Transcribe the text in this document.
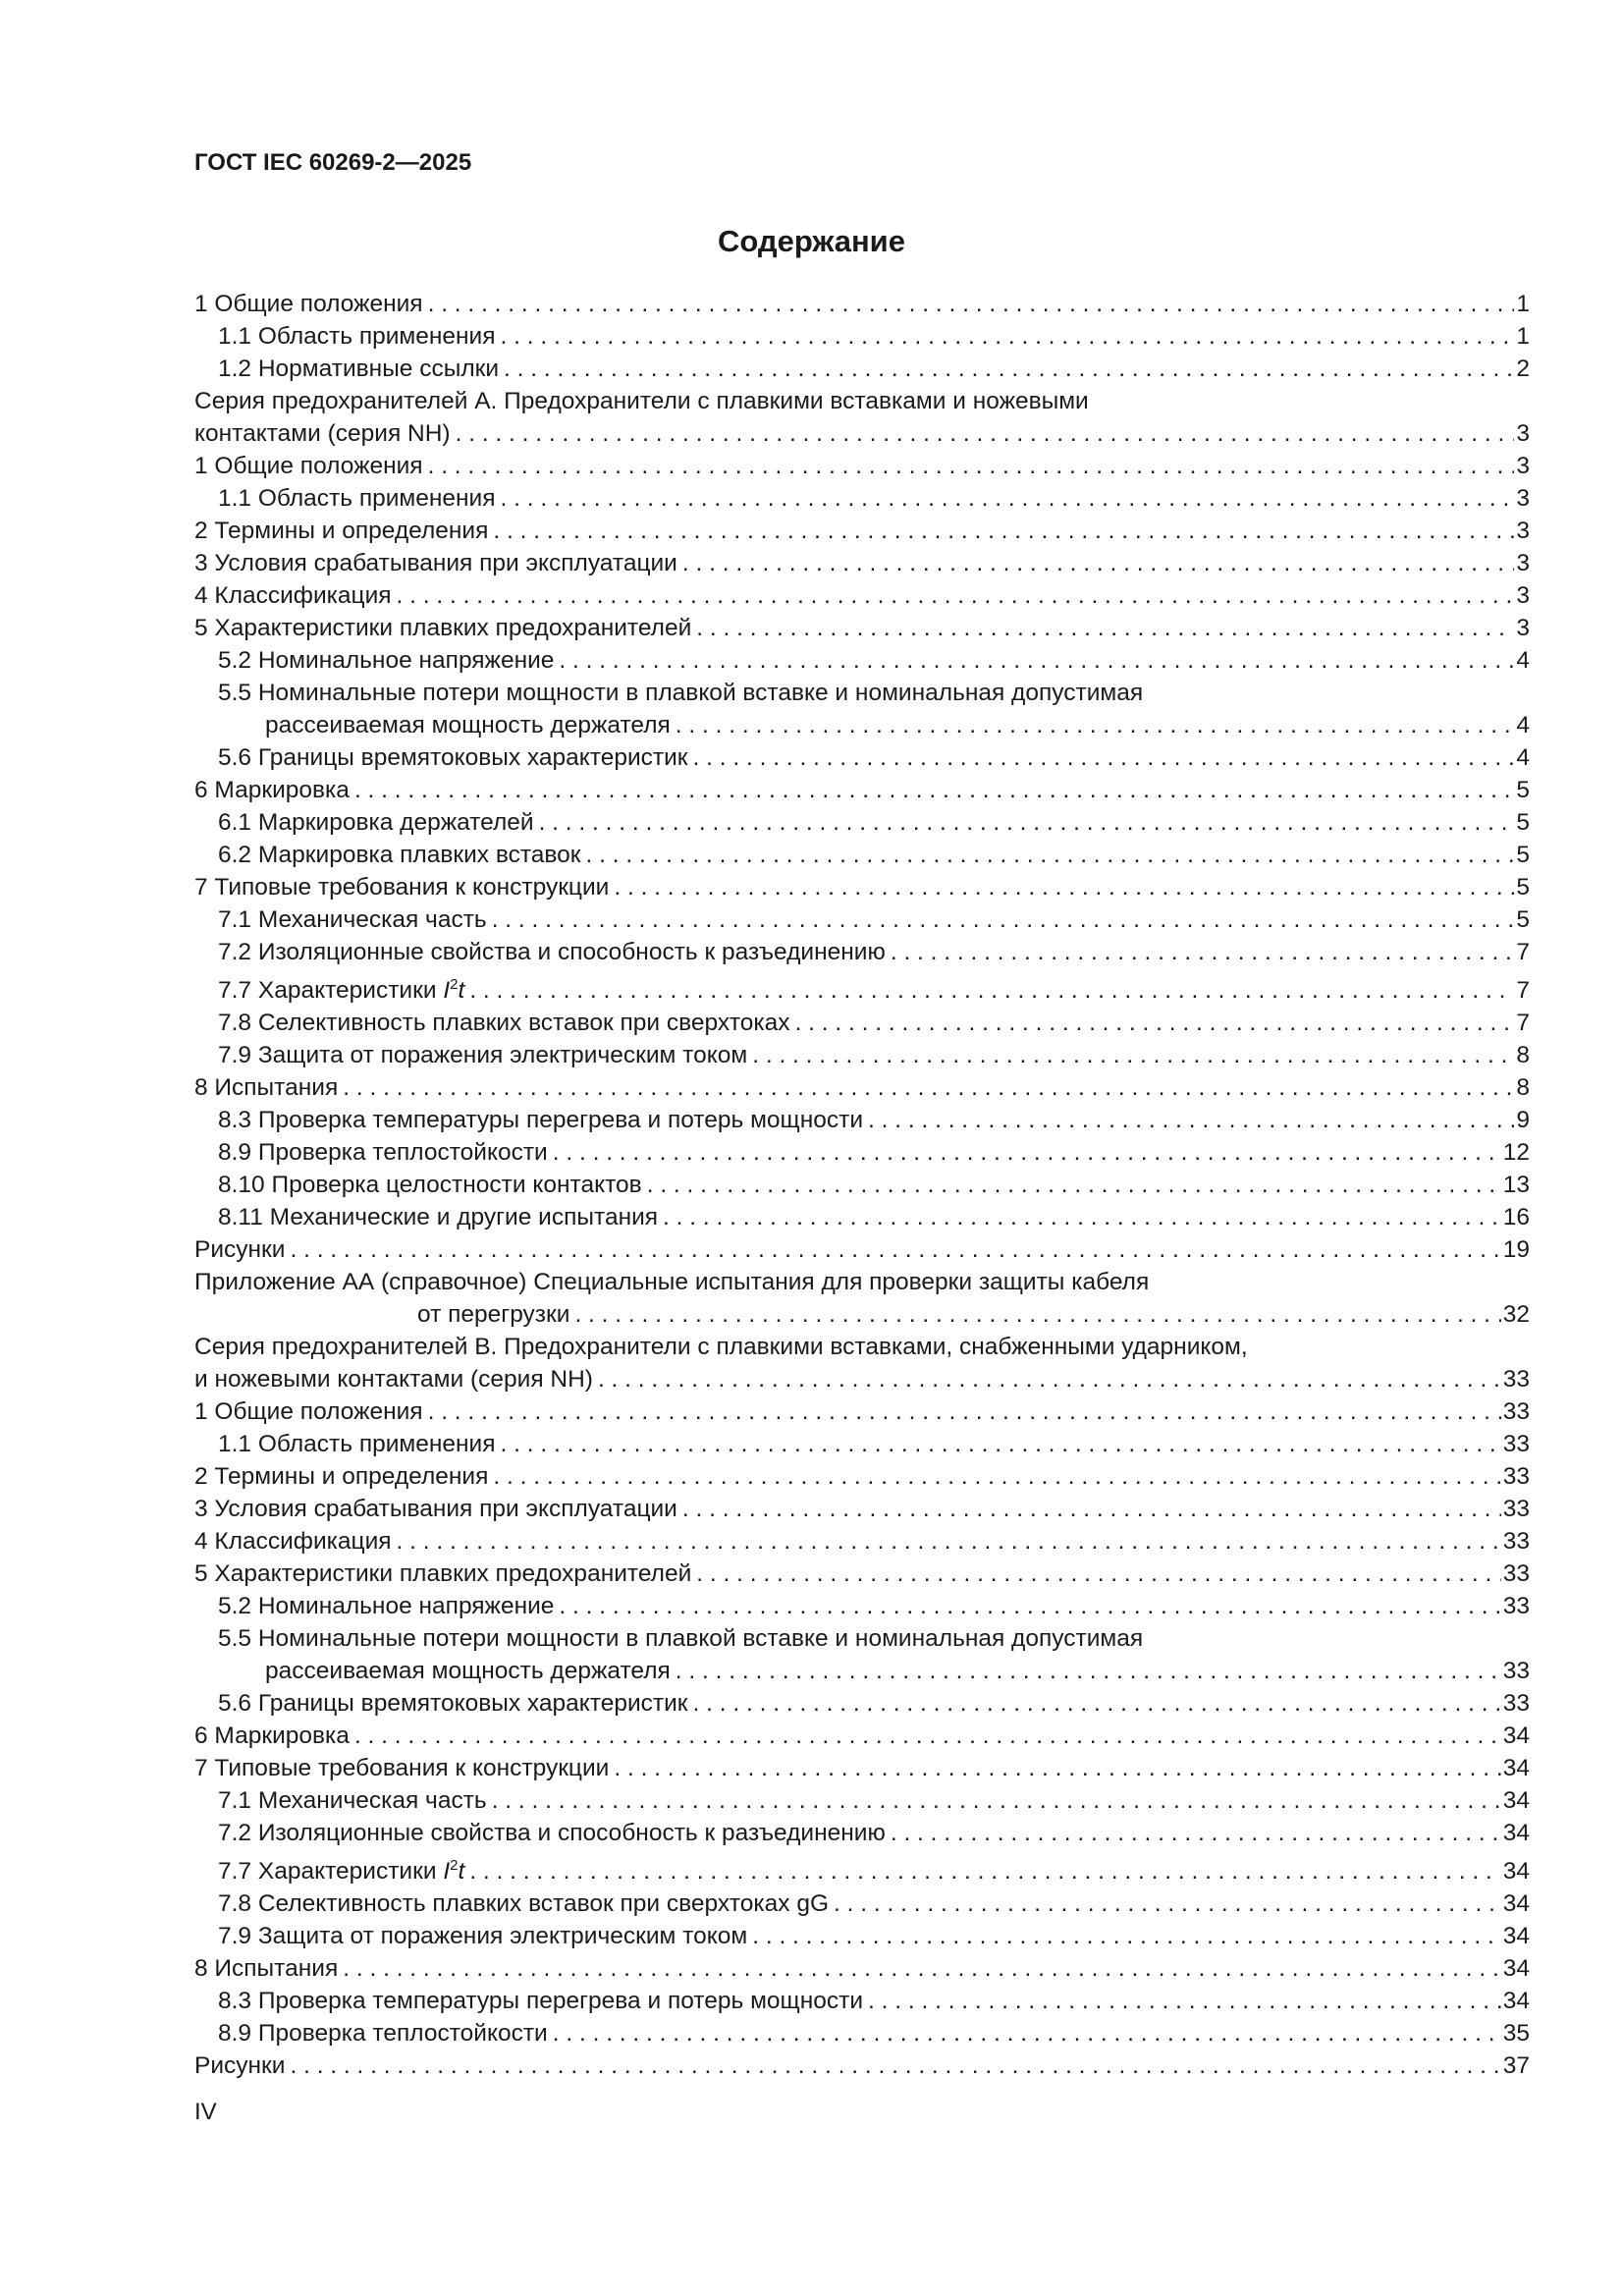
ГОСТ IEC 60269-2—2025

Содержание
1 Общие положения . . .	1
1.1 Область применения . . .	1
1.2 Нормативные ссылки . . .	2
Серия предохранителей А. Предохранители с плавкими вставками и ножевыми
контактами (серия NH) . . .	3
1 Общие положения . . .	3
1.1 Область применения . . .	3
2 Термины и определения . . .	3
3 Условия срабатывания при эксплуатации . . .	3
4 Классификация . . .	3
5 Характеристики плавких предохранителей . . .	3
5.2 Номинальное напряжение . . .	4
5.5 Номинальные потери мощности в плавкой вставке и номинальная допустимая
рассеиваемая мощность держателя . . .	4
5.6 Границы времятоковых характеристик . . .	4
6 Маркировка . . .	5
6.1 Маркировка держателей . . .	5
6.2 Маркировка плавких вставок . . .	5
7 Типовые требования к конструкции . . .	5
7.1 Механическая часть . . .	5
7.2 Изоляционные свойства и способность к разъединению . . .	7
7.7 Характеристики $I^2t$ . . .	7
7.8 Селективность плавких вставок при сверхтоках . . .	7
7.9 Защита от поражения электрическим током . . .	8
8 Испытания . . .	8
8.3 Проверка температуры перегрева и потерь мощности . . .	9
8.9 Проверка теплостойкости . . .	12
8.10 Проверка целостности контактов . . .	13
8.11 Механические и другие испытания . . .	16
Рисунки . . .	19
Приложение АА (справочное) Специальные испытания для проверки защиты кабеля
от перегрузки . . .	32
Серия предохранителей В. Предохранители с плавкими вставками, снабженными ударником,
и ножевыми контактами (серия NH) . . .	33
1 Общие положения . . .	33
1.1 Область применения . . .	33
2 Термины и определения . . .	33
3 Условия срабатывания при эксплуатации . . .	33
4 Классификация . . .	33
5 Характеристики плавких предохранителей . . .	33
5.2 Номинальное напряжение . . .	33
5.5 Номинальные потери мощности в плавкой вставке и номинальная допустимая
рассеиваемая мощность держателя . . .	33
5.6 Границы времятоковых характеристик . . .	33
6 Маркировка . . .	34
7 Типовые требования к конструкции . . .	34
7.1 Механическая часть . . .	34
7.2 Изоляционные свойства и способность к разъединению . . .	34
7.7 Характеристики $I^2t$ . . .	34
7.8 Селективность плавких вставок при сверхтоках gG . . .	34
7.9 Защита от поражения электрическим током . . .	34
8 Испытания . . .	34
8.3 Проверка температуры перегрева и потерь мощности . . .	34
8.9 Проверка теплостойкости . . .	35
Рисунки . . .	37

IV
